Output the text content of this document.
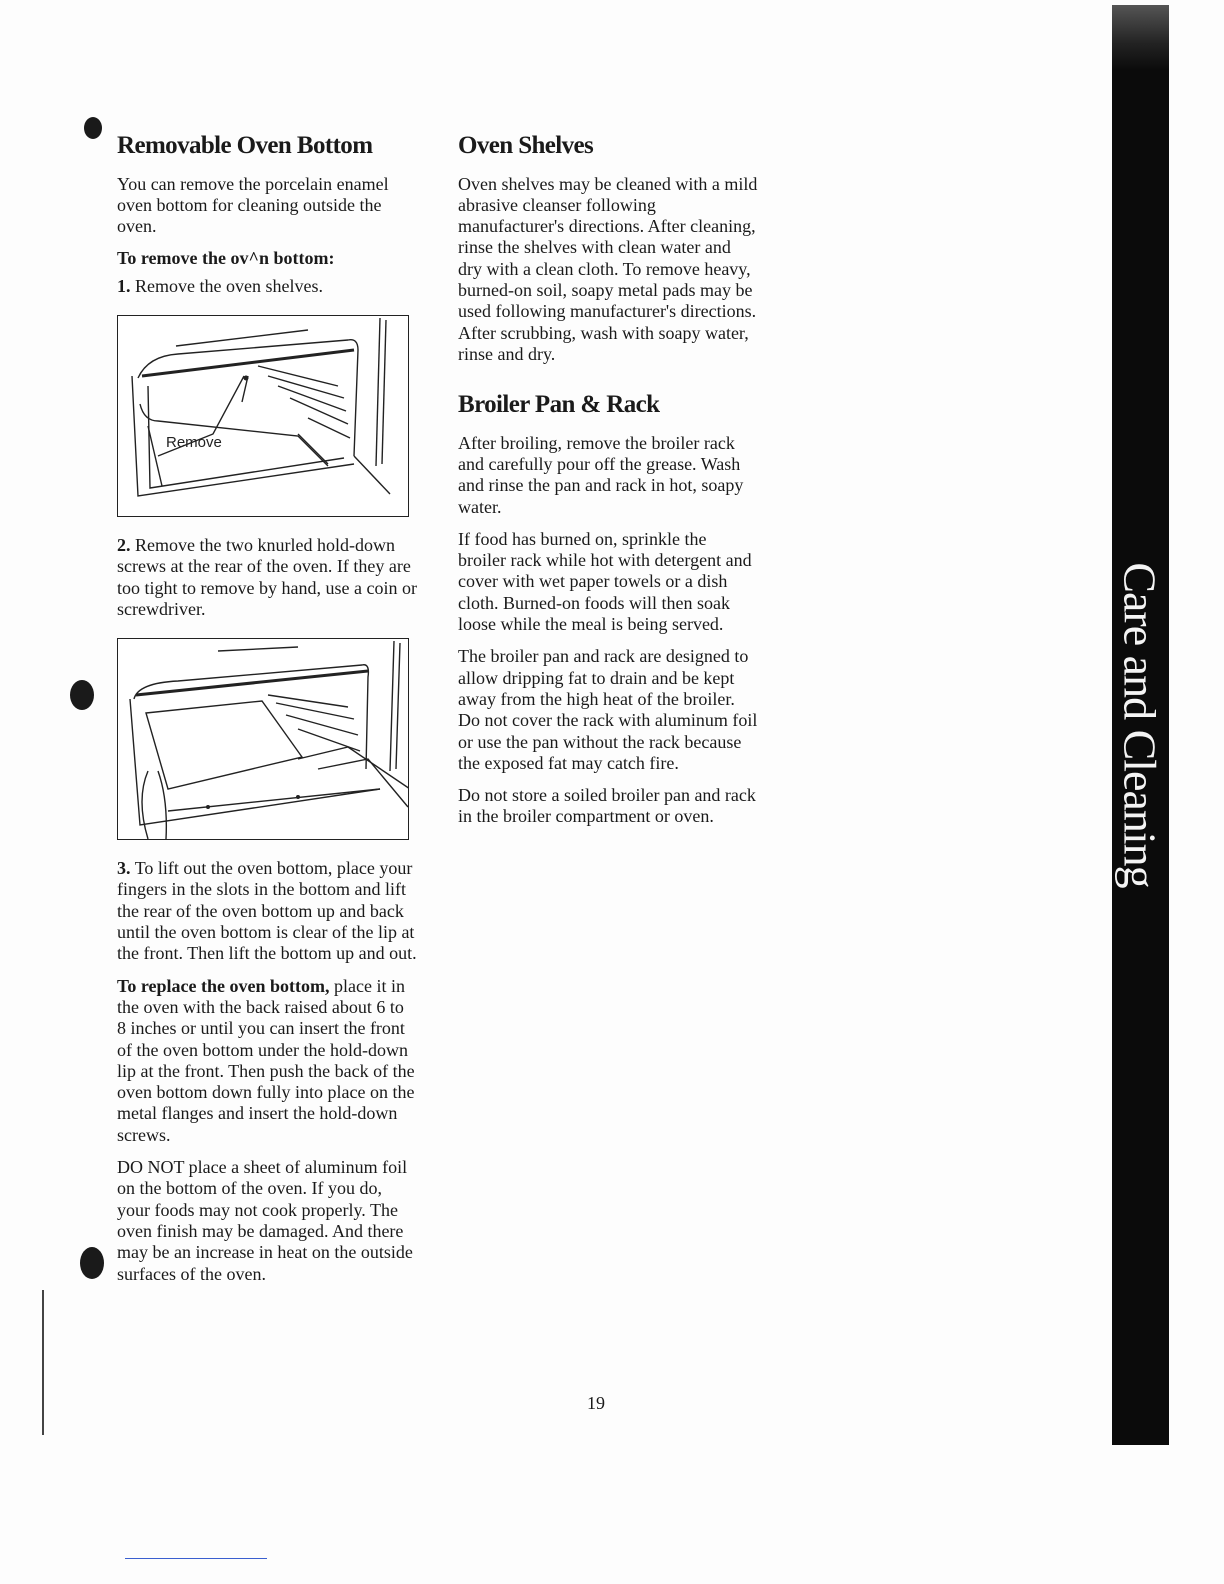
Removable Oven Bottom

You can remove the porcelain enamel oven bottom for cleaning outside the oven.

To remove the ov^n bottom:

1. Remove the oven shelves.

Remove

2. Remove the two knurled hold-down screws at the rear of the oven. If they are too tight to remove by hand, use a coin or screwdriver.

3. To lift out the oven bottom, place your fingers in the slots in the bottom and lift the rear of the oven bottom up and back until the oven bottom is clear of the lip at the front. Then lift the bottom up and out.

To replace the oven bottom, place it in the oven with the back raised about 6 to 8 inches or until you can insert the front of the oven bottom under the hold-down lip at the front. Then push the back of the oven bottom down fully into place on the metal flanges and insert the hold-down screws.

DO NOT place a sheet of aluminum foil on the bottom of the oven. If you do, your foods may not cook properly. The oven finish may be damaged. And there may be an increase in heat on the outside surfaces of the oven.

Oven Shelves

Oven shelves may be cleaned with a mild abrasive cleanser following manufacturer's directions. After cleaning, rinse the shelves with clean water and dry with a clean cloth. To remove heavy, burned-on soil, soapy metal pads may be used following manufacturer's directions. After scrubbing, wash with soapy water, rinse and dry.

Broiler Pan & Rack

After broiling, remove the broiler rack and carefully pour off the grease. Wash and rinse the pan and rack in hot, soapy water.

If food has burned on, sprinkle the broiler rack while hot with detergent and cover with wet paper towels or a dish cloth. Burned-on foods will then soak loose while the meal is being served.

The broiler pan and rack are designed to allow dripping fat to drain and be kept away from the high heat of the broiler. Do not cover the rack with aluminum foil or use the pan without the rack because the exposed fat may catch fire.

Do not store a soiled broiler pan and rack in the broiler compartment or oven.	Care and Cleaning
19
